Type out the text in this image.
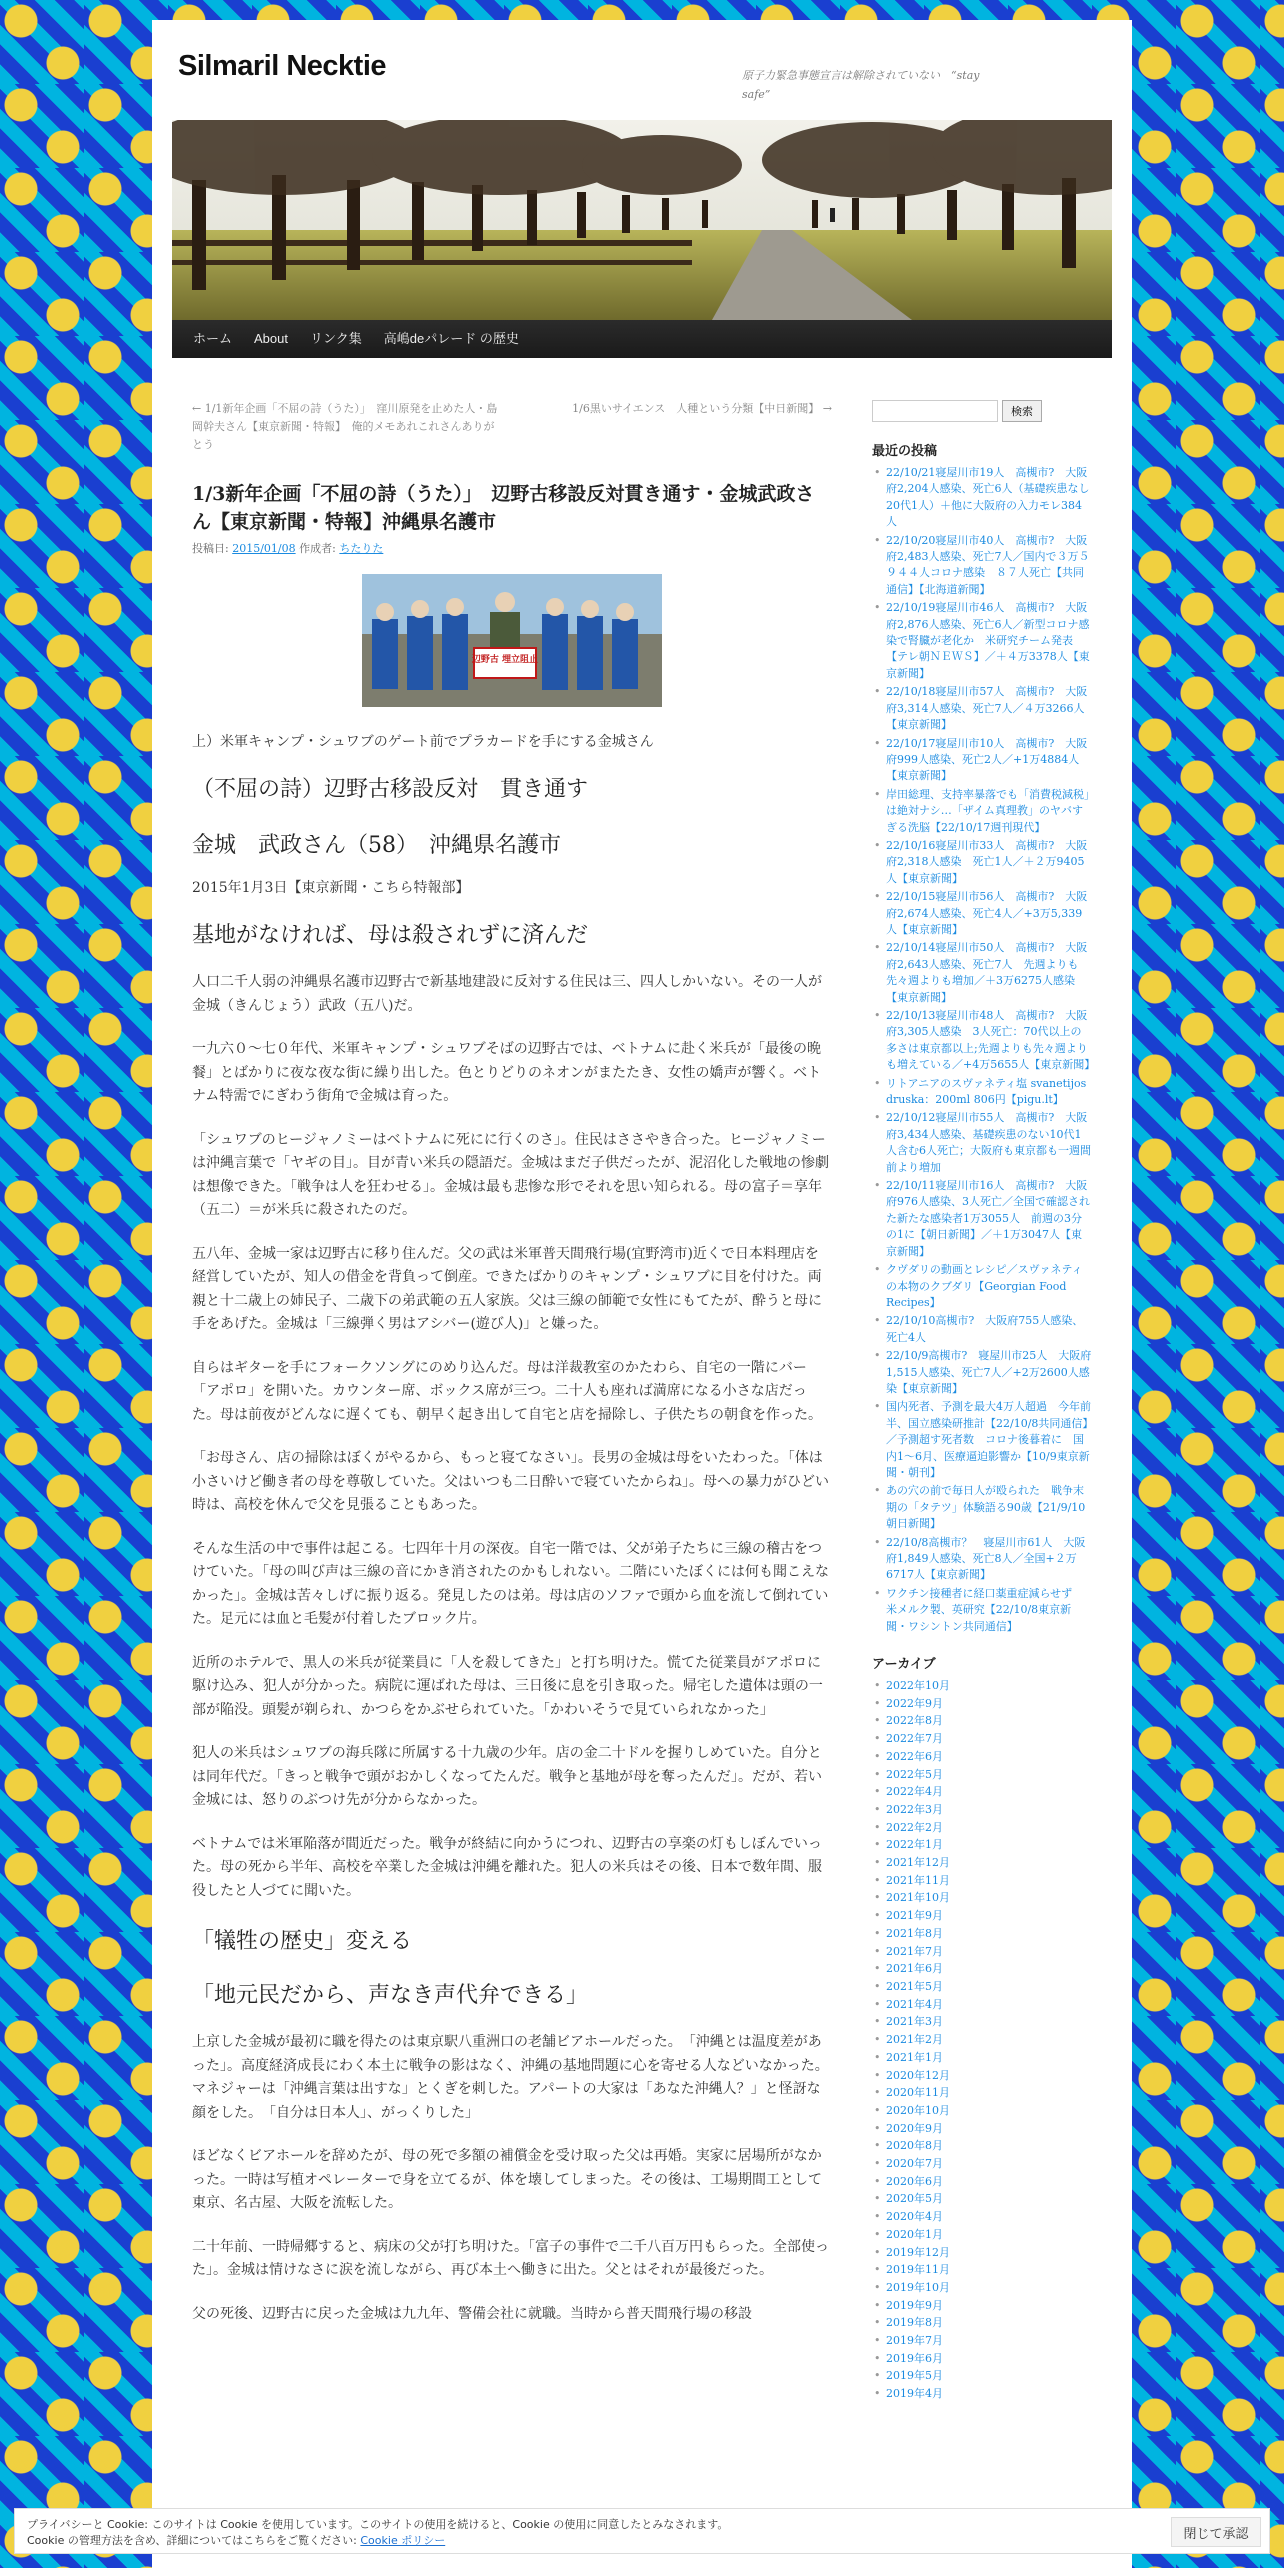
Silmaril Necktie	原子力緊急事態宣言は解除されていない　“stay safe”
ホーム	About	リンク集	高嶋deパレード の歴史
← 1/1新年企画「不屈の詩（うた）」　窪川原発を止めた人・島岡幹夫さん【東京新聞・特報】　俺的メモあれこれさんありがとう
1/6黒いサイエンス　人種という分類【中日新聞】 →
1/3新年企画「不屈の詩（うた）」　辺野古移設反対貫き通す・金城武政さん【東京新聞・特報】沖縄県名護市
投稿日: 2015/01/08 作成者: ちたりた
辺野古 埋立阻止

上）米軍キャンプ・シュワブのゲート前でプラカードを手にする金城さん

（不屈の詩）辺野古移設反対　貫き通す
金城　武政さん（58）　沖縄県名護市

2015年1月3日【東京新聞・こちら特報部】

基地がなければ、母は殺されずに済んだ

人口二千人弱の沖縄県名護市辺野古で新基地建設に反対する住民は三、四人しかいない。その一人が金城（きんじょう）武政（五八)だ。

一九六０～七０年代、米軍キャンプ・シュワブそばの辺野古では、ベトナムに赴く米兵が「最後の晩餐」とばかりに夜な夜な街に繰り出した。色とりどりのネオンがまたたき、女性の嬌声が響く。ベトナム特需でにぎわう街角で金城は育った。

「シュワブのヒージャノミーはベトナムに死にに行くのさ」。住民はささやき合った。ヒージャノミーは沖縄言葉で「ヤギの目」。目が青い米兵の隠語だ。金城はまだ子供だったが、泥沼化した戦地の惨劇は想像できた。「戦争は人を狂わせる」。金城は最も悲惨な形でそれを思い知られる。母の富子＝享年（五二）＝が米兵に殺されたのだ。

五八年、金城一家は辺野古に移り住んだ。父の武は米軍普天間飛行場(宜野湾市)近くで日本料理店を経営していたが、知人の借金を背負って倒産。できたばかりのキャンプ・シュワブに目を付けた。両親と十二歳上の姉民子、二歳下の弟武範の五人家族。父は三線の師範で女性にもてたが、酔うと母に手をあげた。金城は「三線弾く男はアシバー(遊び人)」と嫌った。

自らはギターを手にフォークソングにのめり込んだ。母は洋裁教室のかたわら、自宅の一階にバー「アポロ」を開いた。カウンター席、ボックス席が三つ。二十人も座れば満席になる小さな店だった。母は前夜がどんなに遅くても、朝早く起き出して自宅と店を掃除し、子供たちの朝食を作った。

「お母さん、店の掃除はぼくがやるから、もっと寝てなさい」。長男の金城は母をいたわった。「体は小さいけど働き者の母を尊敬していた。父はいつも二日酔いで寝ていたからね」。母への暴力がひどい時は、高校を休んで父を見張ることもあった。

そんな生活の中で事件は起こる。七四年十月の深夜。自宅一階では、父が弟子たちに三線の稽古をつけていた。「母の叫び声は三線の音にかき消されたのかもしれない。二階にいたぼくには何も聞こえなかった」。金城は苦々しげに振り返る。発見したのは弟。母は店のソファで頭から血を流して倒れていた。足元には血と毛髪が付着したブロック片。

近所のホテルで、黒人の米兵が従業員に「人を殺してきた」と打ち明けた。慌てた従業員がアポロに駆け込み、犯人が分かった。病院に運ばれた母は、三日後に息を引き取った。帰宅した遺体は頭の一部が陥没。頭髪が剃られ、かつらをかぶせられていた。「かわいそうで見ていられなかった」

犯人の米兵はシュワブの海兵隊に所属する十九歳の少年。店の金二十ドルを握りしめていた。自分とは同年代だ。「きっと戦争で頭がおかしくなってたんだ。戦争と基地が母を奪ったんだ」。だが、若い金城には、怒りのぶつけ先が分からなかった。

ベトナムでは米軍陥落が間近だった。戦争が終結に向かうにつれ、辺野古の享楽の灯もしぼんでいった。母の死から半年、高校を卒業した金城は沖縄を離れた。犯人の米兵はその後、日本で数年間、服役したと人づてに聞いた。

「犠牲の歴史」変える
「地元民だから、声なき声代弁できる」

上京した金城が最初に職を得たのは東京駅八重洲口の老舗ビアホールだった。　「沖縄とは温度差があった」。高度経済成長にわく本土に戦争の影はなく、沖縄の基地問題に心を寄せる人などいなかった。マネジャーは「沖縄言葉は出すな」とくぎを刺した。アパートの大家は「あなた沖縄人？」と怪訝な顔をした。　「自分は日本人」、がっくりした」

ほどなくビアホールを辞めたが、母の死で多額の補償金を受け取った父は再婚。実家に居場所がなかった。一時は写植オペレーターで身を立てるが、体を壊してしまった。その後は、工場期間工として東京、名古屋、大阪を流転した。

二十年前、一時帰郷すると、病床の父が打ち明けた。「富子の事件で二千八百万円もらった。全部使った」。金城は情けなさに涙を流しながら、再び本土へ働きに出た。父とはそれが最後だった。

父の死後、辺野古に戻った金城は九九年、警備会社に就職。当時から普天間飛行場の移設

検索
最近の投稿
• 22/10/21寝屋川市19人　高槻市?　大阪府2,204人感染、死亡6人（基礎疾患なし20代1人）＋他に大阪府の入力モレ384人
• 22/10/20寝屋川市40人　高槻市?　大阪府2,483人感染、死亡7人／国内で３万５９４４人コロナ感染　８７人死亡【共同通信】【北海道新聞】
• 22/10/19寝屋川市46人　高槻市?　大阪府2,876人感染、死亡6人／新型コロナ感染で腎臓が老化か　米研究チーム発表【テレ朝ＮＥＷＳ】／＋４万3378人【東京新聞】
• 22/10/18寝屋川市57人　高槻市?　大阪府3,314人感染、死亡7人／４万3266人【東京新聞】
• 22/10/17寝屋川市10人　高槻市?　大阪府999人感染、死亡2人／+1万4884人【東京新聞】
• 岸田総理、支持率暴落でも「消費税減税」は絶対ナシ…「ザイム真理教」のヤバすぎる洗脳【22/10/17週刊現代】
• 22/10/16寝屋川市33人　高槻市?　大阪府2,318人感染　死亡1人／＋２万9405人【東京新聞】
• 22/10/15寝屋川市56人　高槻市?　大阪府2,674人感染、死亡4人／+3万5,339人【東京新聞】
• 22/10/14寝屋川市50人　高槻市?　大阪府2,643人感染、死亡7人　先週よりも先々週よりも増加／＋3万6275人感染【東京新聞】
• 22/10/13寝屋川市48人　高槻市?　大阪府3,305人感染　3人死亡：70代以上の多さは東京都以上;先週よりも先々週よりも増えている／+4万5655人【東京新聞】
• リトアニアのスヴァネティ塩 svanetijos druska：200ml 806円【pigu.lt】
• 22/10/12寝屋川市55人　高槻市?　大阪府3,434人感染、基礎疾患のない10代1人含む6人死亡；大阪府も東京都も一週間前より増加
• 22/10/11寝屋川市16人　高槻市?　大阪府976人感染、3人死亡／全国で確認された新たな感染者1万3055人　前週の3分の1に【朝日新聞】／＋1万3047人【東京新聞】
• クヴダリの動画とレシピ／スヴァネティの本物のクブダリ【Georgian Food Recipes】
• 22/10/10高槻市?　大阪府755人感染、死亡4人
• 22/10/9高槻市?　寝屋川市25人　大阪府1,515人感染、死亡7人／+2万2600人感染【東京新聞】
• 国内死者、予測を最大4万人超過　今年前半、国立感染研推計【22/10/8共同通信】／予測超す死者数　コロナ後暮着に　国内1～6月、医療逼迫影響か【10/9東京新聞・朝刊】
• あの穴の前で毎日人が殴られた　戦争末期の「タテツ」体験語る90歳【21/9/10朝日新聞】
• 22/10/8高槻市？　寝屋川市61人　大阪府1,849人感染、死亡8人／全国+２万6717人【東京新聞】
• ワクチン接種者に経口薬重症減らせず　米メルク製、英研究【22/10/8東京新聞・ワシントン共同通信】
アーカイブ
• 2022年10月
• 2022年9月
• 2022年8月
• 2022年7月
• 2022年6月
• 2022年5月
• 2022年4月
• 2022年3月
• 2022年2月
• 2022年1月
• 2021年12月
• 2021年11月
• 2021年10月
• 2021年9月
• 2021年8月
• 2021年7月
• 2021年6月
• 2021年5月
• 2021年4月
• 2021年3月
• 2021年2月
• 2021年1月
• 2020年12月
• 2020年11月
• 2020年10月
• 2020年9月
• 2020年8月
• 2020年7月
• 2020年6月
• 2020年5月
• 2020年4月
• 2020年1月
• 2019年12月
• 2019年11月
• 2019年10月
• 2019年9月
• 2019年8月
• 2019年7月
• 2019年6月
• 2019年5月
• 2019年4月
プライバシーと Cookie: このサイトは Cookie を使用しています。このサイトの使用を続けると、Cookie の使用に同意したとみなされます。
Cookie の管理方法を含め、詳細についてはこちらをご覧ください: Cookie ポリシー	閉じて承認
